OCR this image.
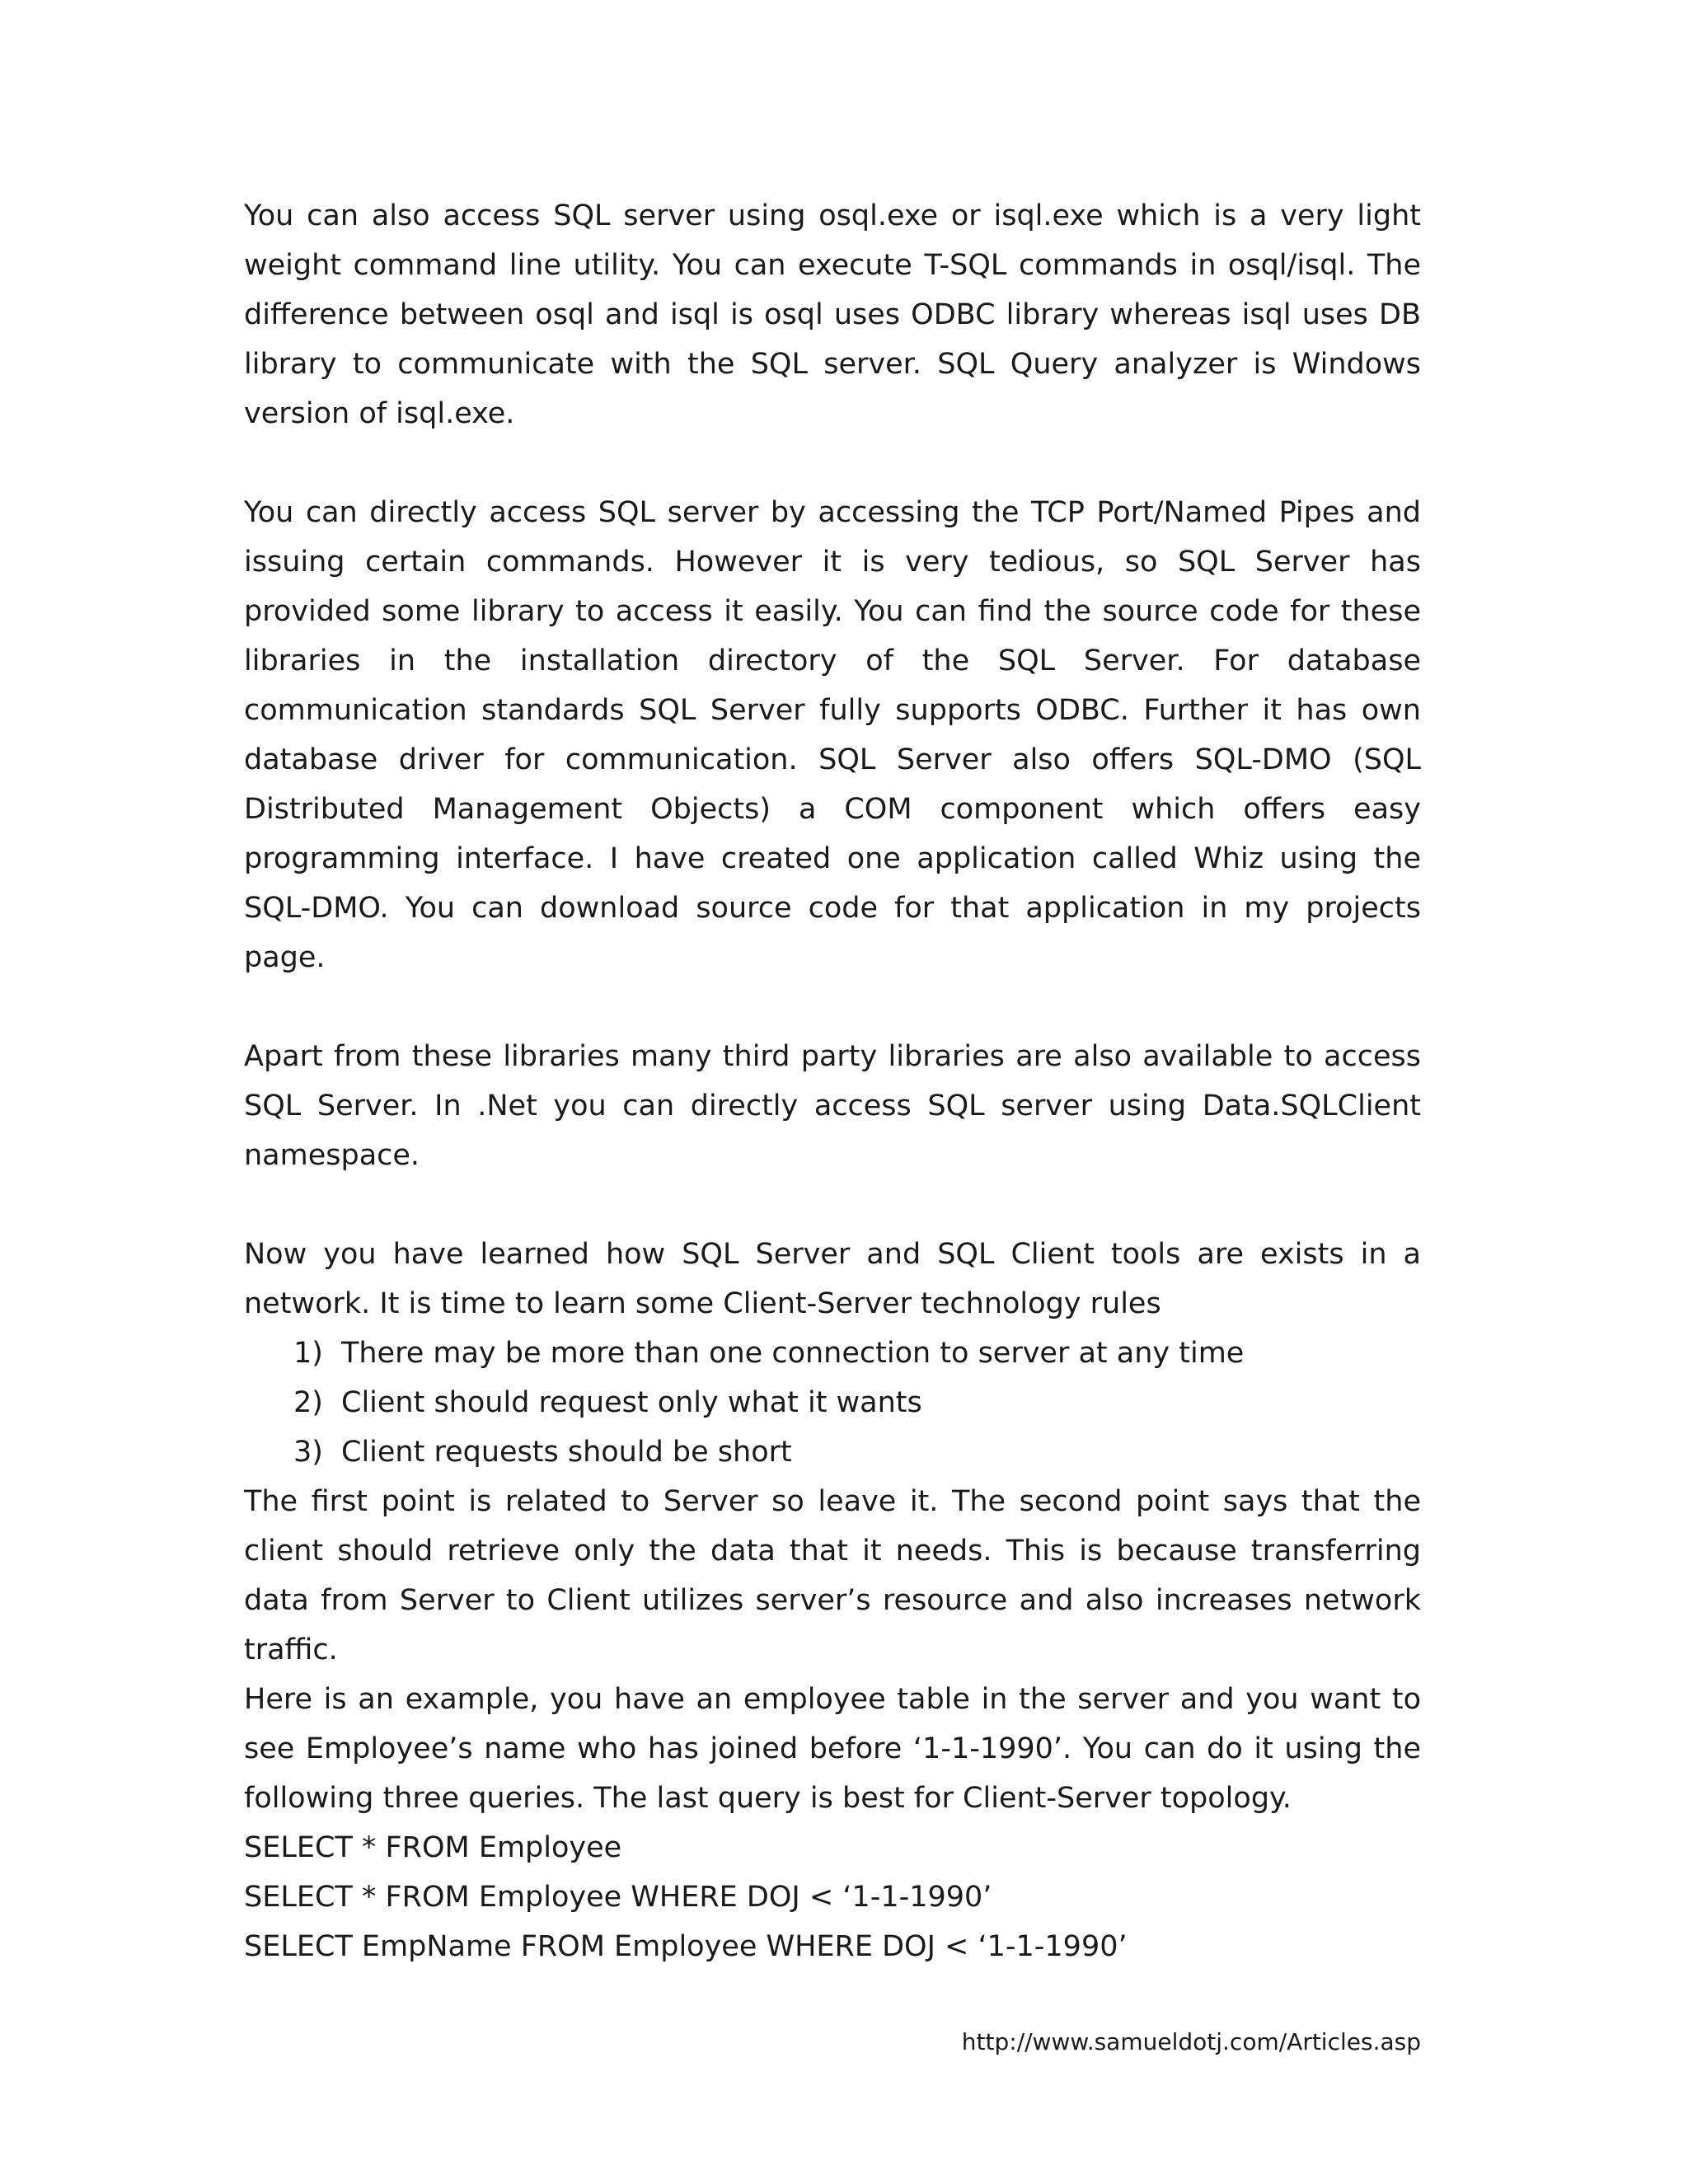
You can also access SQL server using osql.exe or isql.exe which is a very light weight command line utility. You can execute T-SQL commands in osql/isql. The difference between osql and isql is osql uses ODBC library whereas isql uses DB library to communicate with the SQL server. SQL Query analyzer is Windows version of isql.exe.

You can directly access SQL server by accessing the TCP Port/Named Pipes and issuing certain commands. However it is very tedious, so SQL Server has provided some library to access it easily. You can find the source code for these libraries in the installation directory of the SQL Server. For database communication standards SQL Server fully supports ODBC. Further it has own database driver for communication. SQL Server also offers SQL-DMO (SQL Distributed Management Objects) a COM component which offers easy programming interface. I have created one application called Whiz using the SQL-DMO. You can download source code for that application in my projects page.

Apart from these libraries many third party libraries are also available to access SQL Server. In .Net you can directly access SQL server using Data.SQLClient namespace.

Now you have learned how SQL Server and SQL Client tools are exists in a network. It is time to learn some Client-Server technology rules

1) There may be more than one connection to server at any time
2) Client should request only what it wants
3) Client requests should be short

The first point is related to Server so leave it. The second point says that the client should retrieve only the data that it needs. This is because transferring data from Server to Client utilizes server’s resource and also increases network traffic.

Here is an example, you have an employee table in the server and you want to see Employee’s name who has joined before ‘1-1-1990’. You can do it using the following three queries. The last query is best for Client-Server topology.

SELECT * FROM Employee

SELECT * FROM Employee WHERE DOJ < ‘1-1-1990’

SELECT EmpName FROM Employee WHERE DOJ < ‘1-1-1990’

http://www.samueldotj.com/Articles.asp
